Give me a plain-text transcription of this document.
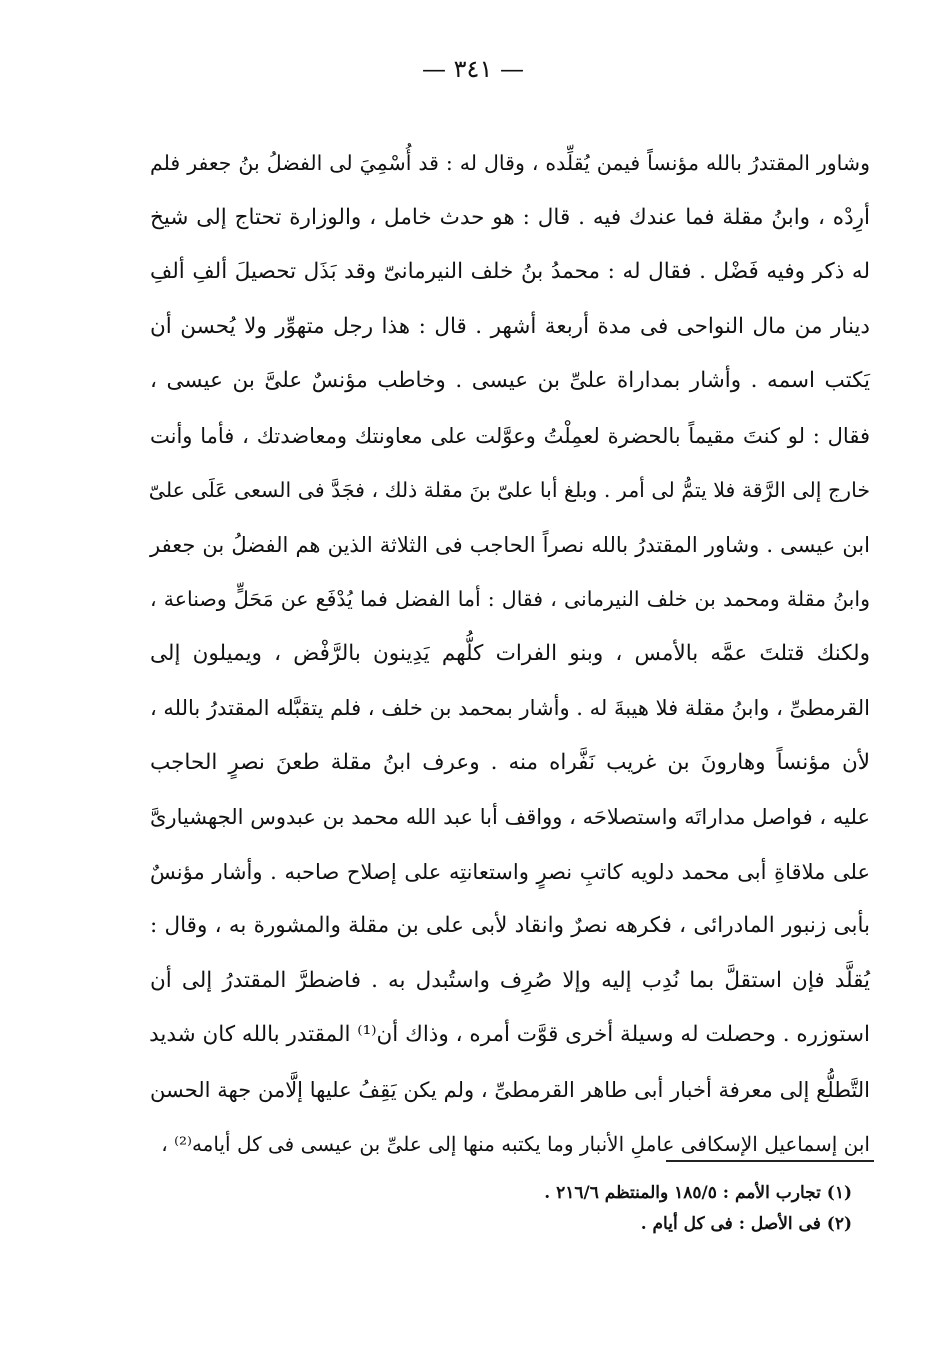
— ٣٤١ —
وشاور المقتدرُ بالله مؤنساً فيمن يُقلِّده ، وقال له : قد أُسْمِيَ لى الفضلُ بنُ جعفر فلم
أرِدْه ، وابنُ مقلة فما عندك فيه . قال : هو حدث خامل ، والوزارة تحتاج إلى شيخ
له ذكر وفيه فَضْل . فقال له : محمدُ بنُ خلف النيرمانىّ وقد بَذَل تحصيلَ ألفِ ألفِ
دينار من مال النواحى فى مدة أربعة أشهر . قال : هذا رجل متهوِّر ولا يُحسن أن
يَكتب اسمه . وأشار بمداراة علىِّ بن عيسى . وخاطب مؤنسٌ علىَّ بن عيسى ،
فقال : لو كنتَ مقيماً بالحضرة لعمِلْتُ وعوَّلت على معاونتك ومعاضدتك ، فأما وأنت
خارج إلى الرَّقة فلا يتمُّ لى أمر . وبلغ أبا علىّ بنَ مقلة ذلك ، فجَدَّ فى السعى عَلَى علىّ
ابن عيسى . وشاور المقتدرُ بالله نصراً الحاجب فى الثلاثة الذين هم الفضلُ بن جعفر
وابنُ مقلة ومحمد بن خلف النيرمانى ، فقال : أما الفضل فما يُدْفَع عن مَحَلٍّ وصناعة ،
ولكنك قتلتَ عمَّه بالأمس ، وبنو الفرات كلُّهم يَدِينون بالرَّفْض ، ويميلون إلى
القرمطىِّ ، وابنُ مقلة فلا هيبةَ له . وأشار بمحمد بن خلف ، فلم يتقبَّله المقتدرُ بالله ،
لأن مؤنساً وهارونَ بن غريب نَفَّراه منه . وعرف ابنُ مقلة طعنَ نصرٍ الحاجب
عليه ، فواصل مداراتَه واستصلاحَه ، وواقف أبا عبد الله محمد بن عبدوس الجهشيارىَّ
على ملاقاةِ أبى محمد دلويه كاتبِ نصرٍ واستعانتِه على إصلاح صاحبه . وأشار مؤنسٌ
بأبى زنبور المادرائى ، فكرهه نصرٌ وانقاد لأبى على بن مقلة والمشورة به ، وقال :
يُقلَّد فإن استقلَّ بما نُدِب إليه وإلا صُرِف واستُبدل به . فاضطرَّ المقتدرُ إلى أن
استوزره . وحصلت له وسيلة أخرى قوَّت أمره ، وذاك أن⁽¹⁾ المقتدر بالله كان شديد
التَّطلُّع إلى معرفة أخبار أبى طاهر القرمطىِّ ، ولم يكن يَقِفُ عليها إلَّامن جهة الحسن
ابن إسماعيل الإسكافى عاملِ الأنبار وما يكتبه منها إلى علىِّ بن عيسى فى كل أيامه⁽²⁾ ،
(١) تجارب الأمم : ١٨٥/٥ والمنتظم ٢١٦/٦ .
(٢) فى الأصل : فى كل أيام .
